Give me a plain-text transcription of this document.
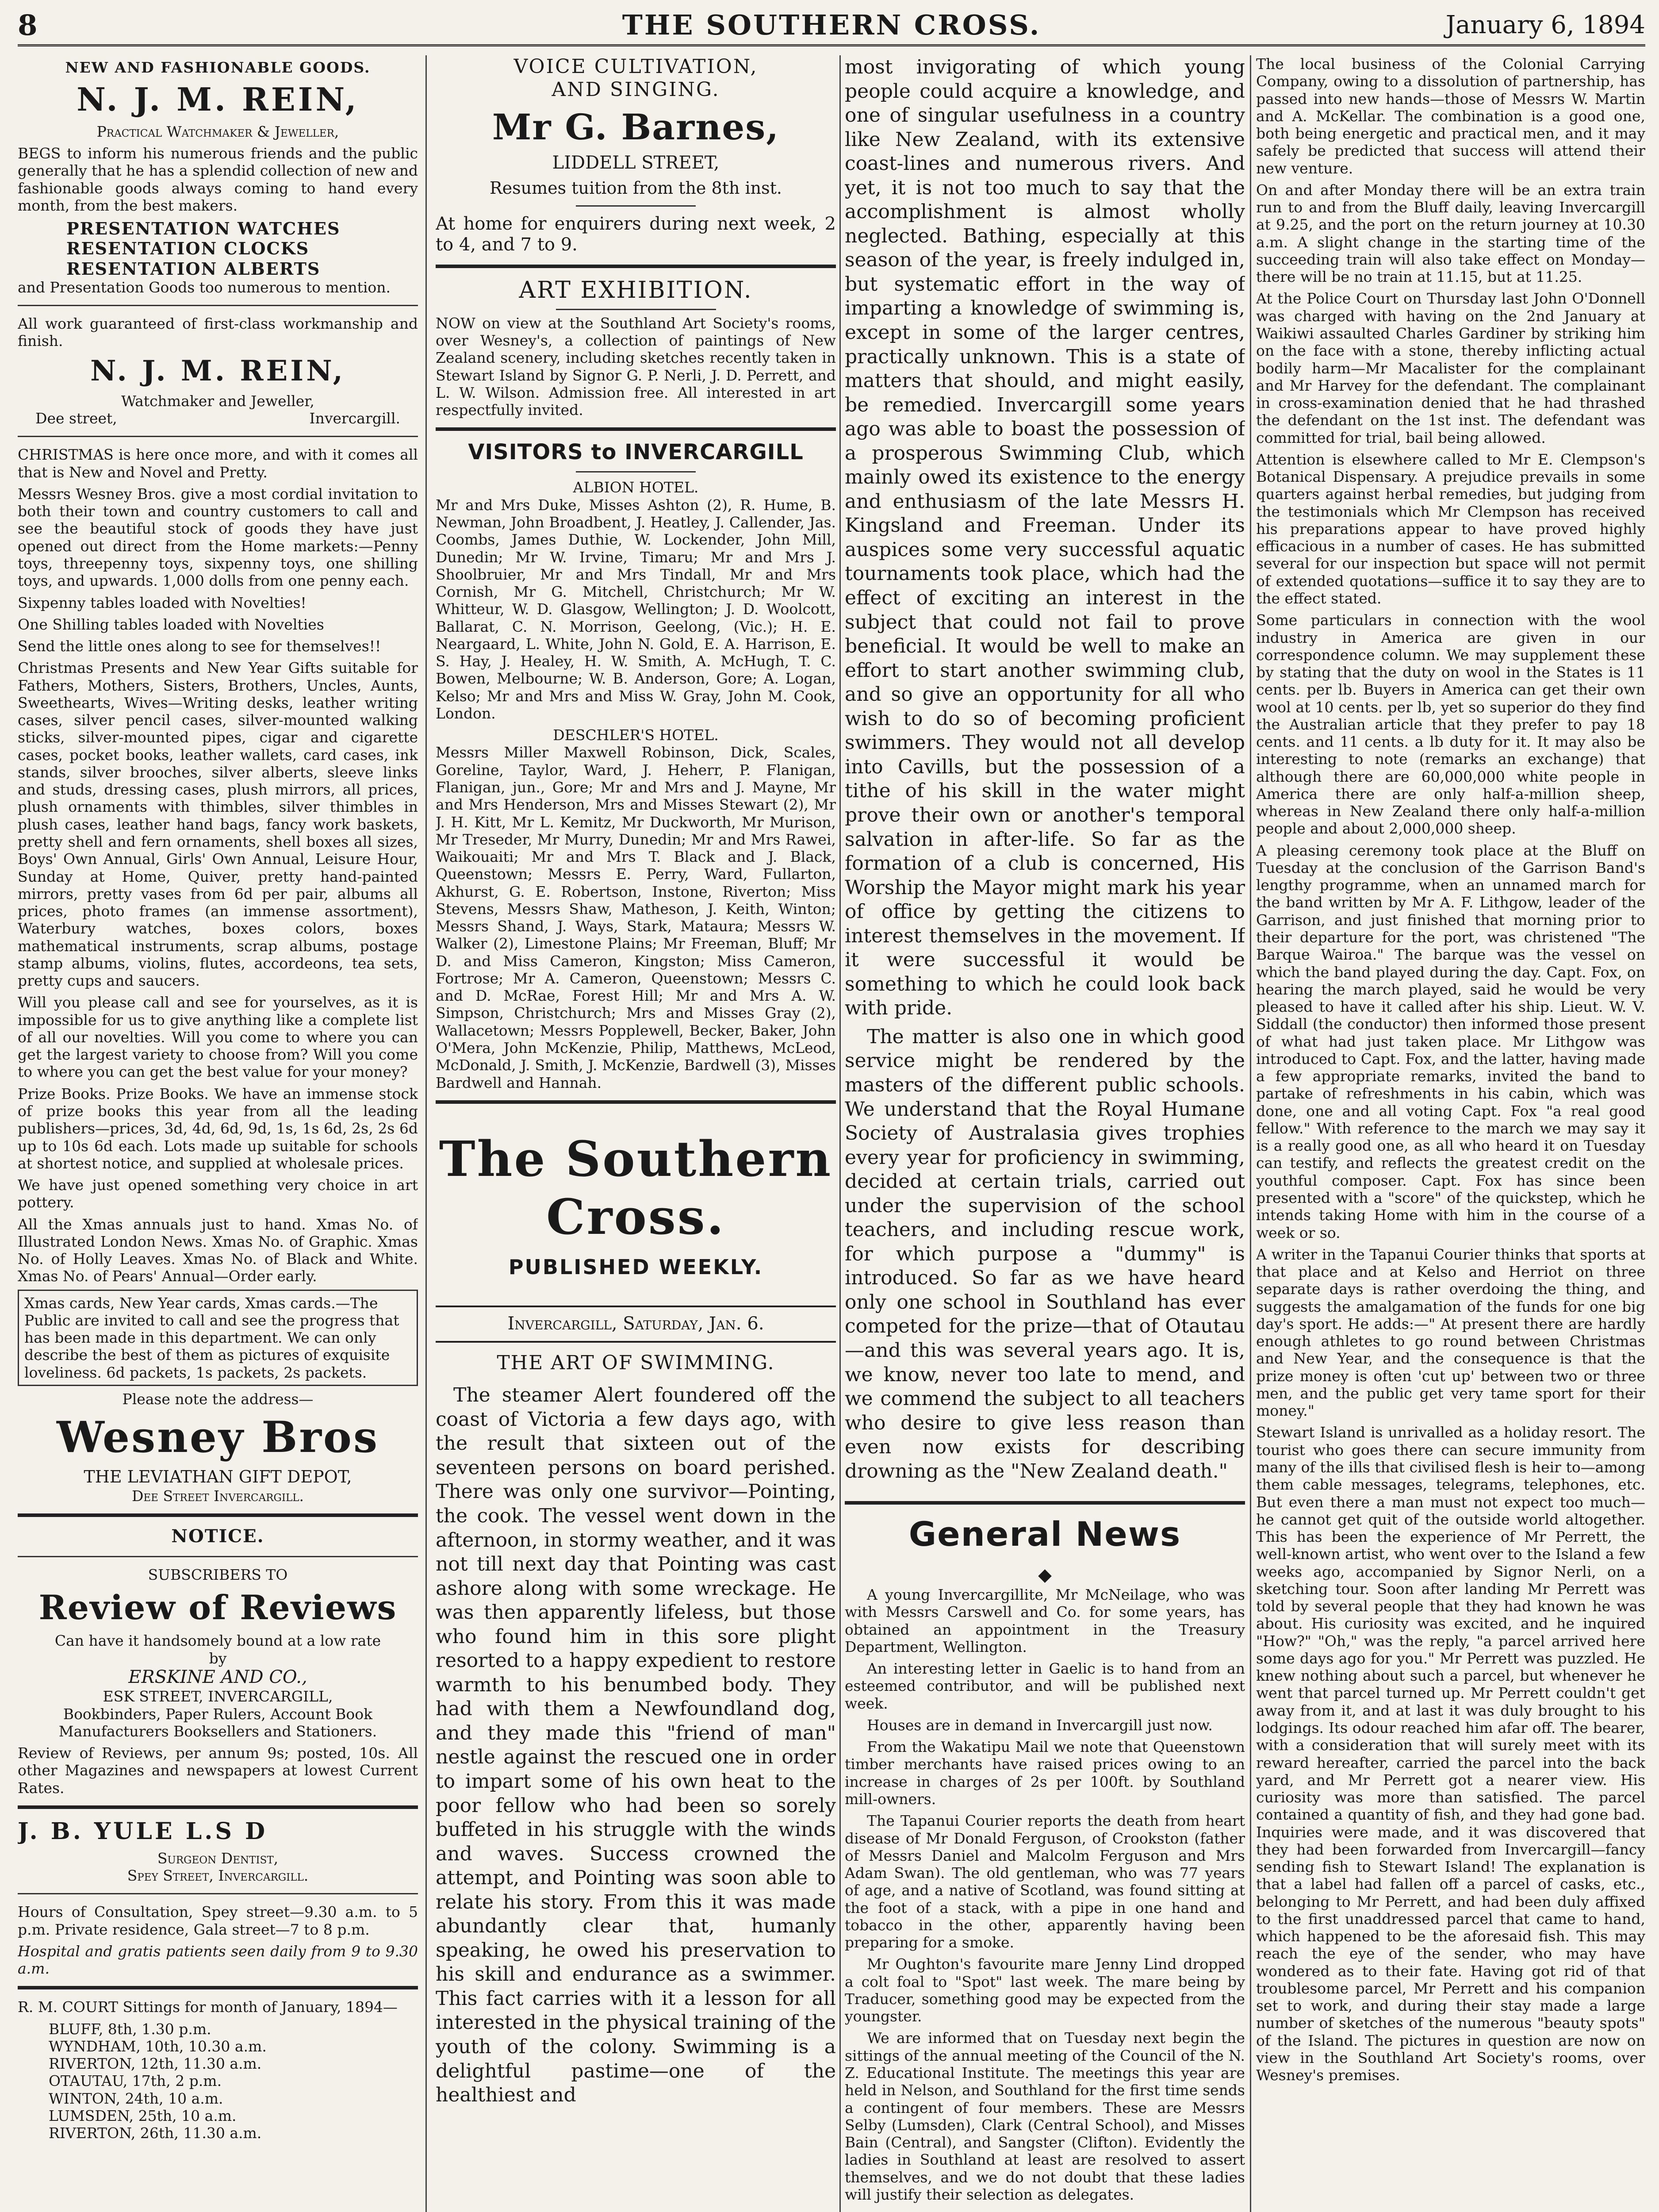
8	THE SOUTHERN CROSS.	January 6, 1894
NEW AND FASHIONABLE GOODS.
N. J. M. REIN,
Practical Watchmaker & Jeweller,

BEGS to inform his numerous friends and the public generally that he has a splendid collection of new and fashionable goods always coming to hand every month, from the best makers.

PRESENTATION WATCHES
RESENTATION CLOCKS
RESENTATION ALBERTS

and Presentation Goods too numerous to mention.

All work guaranteed of first-class workmanship and finish.

N. J. M. REIN,
Watchmaker and Jeweller,
Dee street,	Invercargill.

CHRISTMAS is here once more, and with it comes all that is New and Novel and Pretty.

Messrs Wesney Bros. give a most cordial invitation to both their town and country customers to call and see the beautiful stock of goods they have just opened out direct from the Home markets:—Penny toys, threepenny toys, sixpenny toys, one shilling toys, and upwards. 1,000 dolls from one penny each.

Sixpenny tables loaded with Novelties!

One Shilling tables loaded with Novelties

Send the little ones along to see for themselves!!

Christmas Presents and New Year Gifts suitable for Fathers, Mothers, Sisters, Brothers, Uncles, Aunts, Sweethearts, Wives—Writing desks, leather writing cases, silver pencil cases, silver-mounted walking sticks, silver-mounted pipes, cigar and cigarette cases, pocket books, leather wallets, card cases, ink stands, silver brooches, silver alberts, sleeve links and studs, dressing cases, plush mirrors, all prices, plush ornaments with thimbles, silver thimbles in plush cases, leather hand bags, fancy work baskets, pretty shell and fern ornaments, shell boxes all sizes, Boys' Own Annual, Girls' Own Annual, Leisure Hour, Sunday at Home, Quiver, pretty hand-painted mirrors, pretty vases from 6d per pair, albums all prices, photo frames (an immense assortment), Waterbury watches, boxes colors, boxes mathematical instruments, scrap albums, postage stamp albums, violins, flutes, accordeons, tea sets, pretty cups and saucers.

Will you please call and see for yourselves, as it is impossible for us to give anything like a complete list of all our novelties. Will you come to where you can get the largest variety to choose from? Will you come to where you can get the best value for your money?

Prize Books. Prize Books. We have an immense stock of prize books this year from all the leading publishers—prices, 3d, 4d, 6d, 9d, 1s, 1s 6d, 2s, 2s 6d up to 10s 6d each. Lots made up suitable for schools at shortest notice, and supplied at wholesale prices.

We have just opened something very choice in art pottery.

All the Xmas annuals just to hand. Xmas No. of Illustrated London News. Xmas No. of Graphic. Xmas No. of Holly Leaves. Xmas No. of Black and White. Xmas No. of Pears' Annual—Order early.

Xmas cards, New Year cards, Xmas cards.—The Public are invited to call and see the progress that has been made in this department. We can only describe the best of them as pictures of exquisite loveliness. 6d packets, 1s packets, 2s packets.
Please note the address—
Wesney Bros
THE LEVIATHAN GIFT DEPOT,
Dee Street Invercargill.
NOTICE.
SUBSCRIBERS TO
Review of Reviews
Can have it handsomely bound at a low rate
by
ERSKINE AND CO.,
ESK STREET, INVERCARGILL,
Bookbinders, Paper Rulers, Account Book Manufacturers Booksellers and Stationers.

Review of Reviews, per annum 9s; posted, 10s. All other Magazines and newspapers at lowest Current Rates.

J. B. YULE L.S D
Surgeon Dentist,
Spey Street, Invercargill.

Hours of Consultation, Spey street—9.30 a.m. to 5 p.m. Private residence, Gala street—7 to 8 p.m.

Hospital and gratis patients seen daily from 9 to 9.30 a.m.

R. M. COURT Sittings for month of January, 1894—

BLUFF, 8th, 1.30 p.m.
WYNDHAM, 10th, 10.30 a.m.
RIVERTON, 12th, 11.30 a.m.
OTAUTAU, 17th, 2 p.m.
WINTON, 24th, 10 a.m.
LUMSDEN, 25th, 10 a.m.
RIVERTON, 26th, 11.30 a.m.
VOICE CULTIVATION,
AND SINGING.
Mr G. Barnes,
LIDDELL STREET,
Resumes tuition from the 8th inst.

At home for enquirers during next week, 2 to 4, and 7 to 9.

ART EXHIBITION.

NOW on view at the Southland Art Society's rooms, over Wesney's, a collection of paintings of New Zealand scenery, including sketches recently taken in Stewart Island by Signor G. P. Nerli, J. D. Perrett, and L. W. Wilson. Admission free. All interested in art respectfully invited.

VISITORS to INVERCARGILL
ALBION HOTEL.

Mr and Mrs Duke, Misses Ashton (2), R. Hume, B. Newman, John Broadbent, J. Heatley, J. Callender, Jas. Coombs, James Duthie, W. Lockender, John Mill, Dunedin; Mr W. Irvine, Timaru; Mr and Mrs J. Shoolbruier, Mr and Mrs Tindall, Mr and Mrs Cornish, Mr G. Mitchell, Christchurch; Mr W. Whitteur, W. D. Glasgow, Wellington; J. D. Woolcott, Ballarat, C. N. Morrison, Geelong, (Vic.); H. E. Neargaard, L. White, John N. Gold, E. A. Harrison, E. S. Hay, J. Healey, H. W. Smith, A. McHugh, T. C. Bowen, Melbourne; W. B. Anderson, Gore; A. Logan, Kelso; Mr and Mrs and Miss W. Gray, John M. Cook, London.

DESCHLER'S HOTEL.

Messrs Miller Maxwell Robinson, Dick, Scales, Goreline, Taylor, Ward, J. Heherr, P. Flanigan, Flanigan, jun., Gore; Mr and Mrs and J. Mayne, Mr and Mrs Henderson, Mrs and Misses Stewart (2), Mr J. H. Kitt, Mr L. Kemitz, Mr Duckworth, Mr Murison, Mr Treseder, Mr Murry, Dunedin; Mr and Mrs Rawei, Waikouaiti; Mr and Mrs T. Black and J. Black, Queenstown; Messrs E. Perry, Ward, Fullarton, Akhurst, G. E. Robertson, Instone, Riverton; Miss Stevens, Messrs Shaw, Matheson, J. Keith, Winton; Messrs Shand, J. Ways, Stark, Mataura; Messrs W. Walker (2), Limestone Plains; Mr Freeman, Bluff; Mr D. and Miss Cameron, Kingston; Miss Cameron, Fortrose; Mr A. Cameron, Queenstown; Messrs C. and D. McRae, Forest Hill; Mr and Mrs A. W. Simpson, Christchurch; Mrs and Misses Gray (2), Wallacetown; Messrs Popplewell, Becker, Baker, John O'Mera, John McKenzie, Philip, Matthews, McLeod, McDonald, J. Smith, J. McKenzie, Bardwell (3), Misses Bardwell and Hannah.

The Southern Cross.
PUBLISHED WEEKLY.
Invercargill, Saturday, Jan. 6.
THE ART OF SWIMMING.

The steamer Alert foundered off the coast of Victoria a few days ago, with the result that sixteen out of the seventeen persons on board perished. There was only one survivor—Pointing, the cook. The vessel went down in the afternoon, in stormy weather, and it was not till next day that Pointing was cast ashore along with some wreckage. He was then apparently lifeless, but those who found him in this sore plight resorted to a happy expedient to restore warmth to his benumbed body. They had with them a Newfoundland dog, and they made this "friend of man" nestle against the rescued one in order to impart some of his own heat to the poor fellow who had been so sorely buffeted in his struggle with the winds and waves. Success crowned the attempt, and Pointing was soon able to relate his story. From this it was made abundantly clear that, humanly speaking, he owed his preservation to his skill and endurance as a swimmer. This fact carries with it a lesson for all interested in the physical training of the youth of the colony. Swimming is a delightful pastime—one of the healthiest and

most invigorating of which young people could acquire a knowledge, and one of singular usefulness in a country like New Zealand, with its extensive coast-lines and numerous rivers. And yet, it is not too much to say that the accomplishment is almost wholly neglected. Bathing, especially at this season of the year, is freely indulged in, but systematic effort in the way of imparting a knowledge of swimming is, except in some of the larger centres, practically unknown. This is a state of matters that should, and might easily, be remedied. Invercargill some years ago was able to boast the possession of a prosperous Swimming Club, which mainly owed its existence to the energy and enthusiasm of the late Messrs H. Kingsland and Freeman. Under its auspices some very successful aquatic tournaments took place, which had the effect of exciting an interest in the subject that could not fail to prove beneficial. It would be well to make an effort to start another swimming club, and so give an opportunity for all who wish to do so of becoming proficient swimmers. They would not all develop into Cavills, but the possession of a tithe of his skill in the water might prove their own or another's temporal salvation in after-life. So far as the formation of a club is concerned, His Worship the Mayor might mark his year of office by getting the citizens to interest themselves in the movement. If it were successful it would be something to which he could look back with pride.

The matter is also one in which good service might be rendered by the masters of the different public schools. We understand that the Royal Humane Society of Australasia gives trophies every year for proficiency in swimming, decided at certain trials, carried out under the supervision of the school teachers, and including rescue work, for which purpose a "dummy" is introduced. So far as we have heard only one school in Southland has ever competed for the prize—that of Otautau—and this was several years ago. It is, we know, never too late to mend, and we commend the subject to all teachers who desire to give less reason than even now exists for describing drowning as the "New Zealand death."

General News
◆

A young Invercargillite, Mr McNeilage, who was with Messrs Carswell and Co. for some years, has obtained an appointment in the Treasury Department, Wellington.

An interesting letter in Gaelic is to hand from an esteemed contributor, and will be published next week.

Houses are in demand in Invercargill just now.

From the Wakatipu Mail we note that Queenstown timber merchants have raised prices owing to an increase in charges of 2s per 100ft. by Southland mill-owners.

The Tapanui Courier reports the death from heart disease of Mr Donald Ferguson, of Crookston (father of Messrs Daniel and Malcolm Ferguson and Mrs Adam Swan). The old gentleman, who was 77 years of age, and a native of Scotland, was found sitting at the foot of a stack, with a pipe in one hand and tobacco in the other, apparently having been preparing for a smoke.

Mr Oughton's favourite mare Jenny Lind dropped a colt foal to "Spot" last week. The mare being by Traducer, something good may be expected from the youngster.

We are informed that on Tuesday next begin the sittings of the annual meeting of the Council of the N. Z. Educational Institute. The meetings this year are held in Nelson, and Southland for the first time sends a contingent of four members. These are Messrs Selby (Lumsden), Clark (Central School), and Misses Bain (Central), and Sangster (Clifton). Evidently the ladies in Southland at least are resolved to assert themselves, and we do not doubt that these ladies will justify their selection as delegates.

The local business of the Colonial Carrying Company, owing to a dissolution of partnership, has passed into new hands—those of Messrs W. Martin and A. McKellar. The combination is a good one, both being energetic and practical men, and it may safely be predicted that success will attend their new venture.

On and after Monday there will be an extra train run to and from the Bluff daily, leaving Invercargill at 9.25, and the port on the return journey at 10.30 a.m. A slight change in the starting time of the succeeding train will also take effect on Monday—there will be no train at 11.15, but at 11.25.

At the Police Court on Thursday last John O'Donnell was charged with having on the 2nd January at Waikiwi assaulted Charles Gardiner by striking him on the face with a stone, thereby inflicting actual bodily harm—Mr Macalister for the complainant and Mr Harvey for the defendant. The complainant in cross-examination denied that he had thrashed the defendant on the 1st inst. The defendant was committed for trial, bail being allowed.

Attention is elsewhere called to Mr E. Clempson's Botanical Dispensary. A prejudice prevails in some quarters against herbal remedies, but judging from the testimonials which Mr Clempson has received his preparations appear to have proved highly efficacious in a number of cases. He has submitted several for our inspection but space will not permit of extended quotations—suffice it to say they are to the effect stated.

Some particulars in connection with the wool industry in America are given in our correspondence column. We may supplement these by stating that the duty on wool in the States is 11 cents. per lb. Buyers in America can get their own wool at 10 cents. per lb, yet so superior do they find the Australian article that they prefer to pay 18 cents. and 11 cents. a lb duty for it. It may also be interesting to note (remarks an exchange) that although there are 60,000,000 white people in America there are only half-a-million sheep, whereas in New Zealand there only half-a-million people and about 2,000,000 sheep.

A pleasing ceremony took place at the Bluff on Tuesday at the conclusion of the Garrison Band's lengthy programme, when an unnamed march for the band written by Mr A. F. Lithgow, leader of the Garrison, and just finished that morning prior to their departure for the port, was christened "The Barque Wairoa." The barque was the vessel on which the band played during the day. Capt. Fox, on hearing the march played, said he would be very pleased to have it called after his ship. Lieut. W. V. Siddall (the conductor) then informed those present of what had just taken place. Mr Lithgow was introduced to Capt. Fox, and the latter, having made a few appropriate remarks, invited the band to partake of refreshments in his cabin, which was done, one and all voting Capt. Fox "a real good fellow." With reference to the march we may say it is a really good one, as all who heard it on Tuesday can testify, and reflects the greatest credit on the youthful composer. Capt. Fox has since been presented with a "score" of the quickstep, which he intends taking Home with him in the course of a week or so.

A writer in the Tapanui Courier thinks that sports at that place and at Kelso and Herriot on three separate days is rather overdoing the thing, and suggests the amalgamation of the funds for one big day's sport. He adds:—" At present there are hardly enough athletes to go round between Christmas and New Year, and the consequence is that the prize money is often 'cut up' between two or three men, and the public get very tame sport for their money."

Stewart Island is unrivalled as a holiday resort. The tourist who goes there can secure immunity from many of the ills that civilised flesh is heir to—among them cable messages, telegrams, telephones, etc. But even there a man must not expect too much—he cannot get quit of the outside world altogether. This has been the experience of Mr Perrett, the well-known artist, who went over to the Island a few weeks ago, accompanied by Signor Nerli, on a sketching tour. Soon after landing Mr Perrett was told by several people that they had known he was about. His curiosity was excited, and he inquired "How?" "Oh," was the reply, "a parcel arrived here some days ago for you." Mr Perrett was puzzled. He knew nothing about such a parcel, but whenever he went that parcel turned up. Mr Perrett couldn't get away from it, and at last it was duly brought to his lodgings. Its odour reached him afar off. The bearer, with a consideration that will surely meet with its reward hereafter, carried the parcel into the back yard, and Mr Perrett got a nearer view. His curiosity was more than satisfied. The parcel contained a quantity of fish, and they had gone bad. Inquiries were made, and it was discovered that they had been forwarded from Invercargill—fancy sending fish to Stewart Island! The explanation is that a label had fallen off a parcel of casks, etc., belonging to Mr Perrett, and had been duly affixed to the first unaddressed parcel that came to hand, which happened to be the aforesaid fish. This may reach the eye of the sender, who may have wondered as to their fate. Having got rid of that troublesome parcel, Mr Perrett and his companion set to work, and during their stay made a large number of sketches of the numerous "beauty spots" of the Island. The pictures in question are now on view in the Southland Art Society's rooms, over Wesney's premises.
